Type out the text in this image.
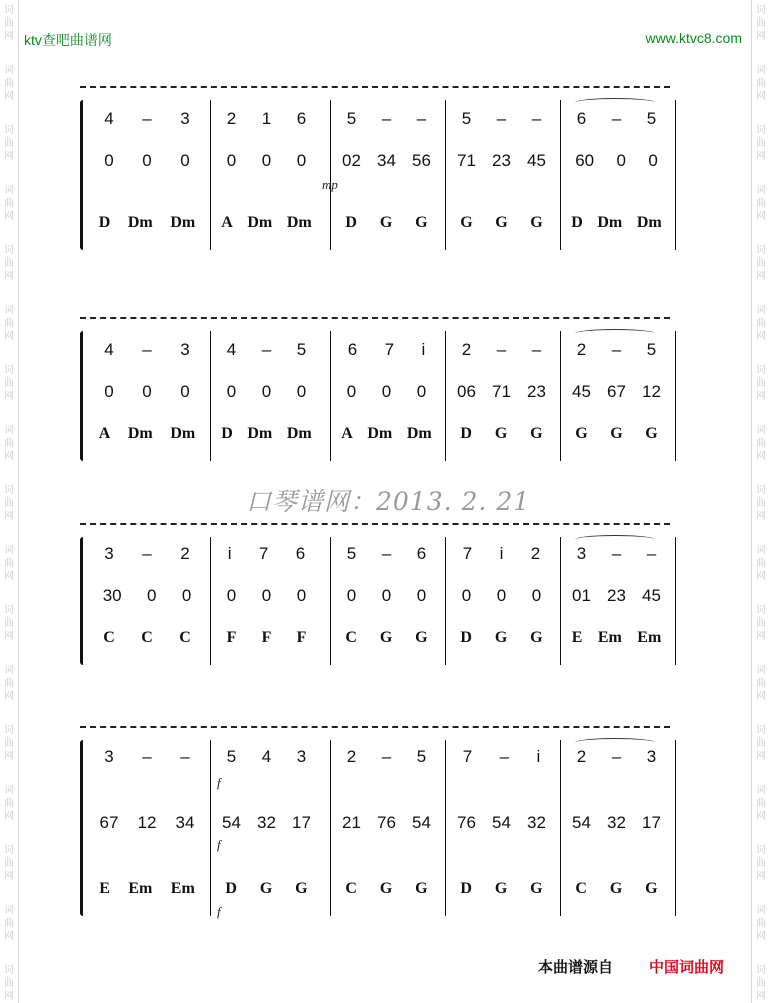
词
曲
网
词
曲
网
词
曲
网
词
曲
网
词
曲
网
词
曲
网
词
曲
网
词
曲
网
词
曲
网
词
曲
网
词
曲
网
词
曲
网
词
曲
网
词
曲
网
词
曲
网
词
曲
网
词
曲
网
词
曲
网
词
曲
网
词
曲
网
词
曲
网
词
曲
网
词
曲
网
词
曲
网
词
曲
网
词
曲
网
词
曲
网
词
曲
网
词
曲
网
词
曲
网
词
曲
网
词
曲
网
词
曲
网
词
曲
网
ktv查吧曲谱网	www.ktvc8.com
4 – 3 2 1 6 5 – – 5 – – 6 – 5
0 0 0 0 0 0 02 34 56 71 23 45 60 0 0
D Dm Dm A Dm Dm D G G G G G D Dm Dm
4 – 3 4 – 5 6 7 i 2 – – 2 – 5
0 0 0 0 0 0 0 0 0 06 71 23 45 67 12
A Dm Dm D Dm Dm A Dm Dm D G G G G G
3 – 2 i 7 6 5 – 6 7 i 2 3 – –
30 0 0 0 0 0 0 0 0 0 0 0 01 23 45
C C C F F F C G G D G G E Em Em
3 – – 5 4 3 2 – 5 7 – i 2 – 3
67 12 34 54 32 17 21 76 54 76 54 32 54 32 17
E Em Em D G G C G G D G G C G G
mp
f
f
f
口琴谱网：2013. 2. 21
本曲谱源自 中国词曲网
